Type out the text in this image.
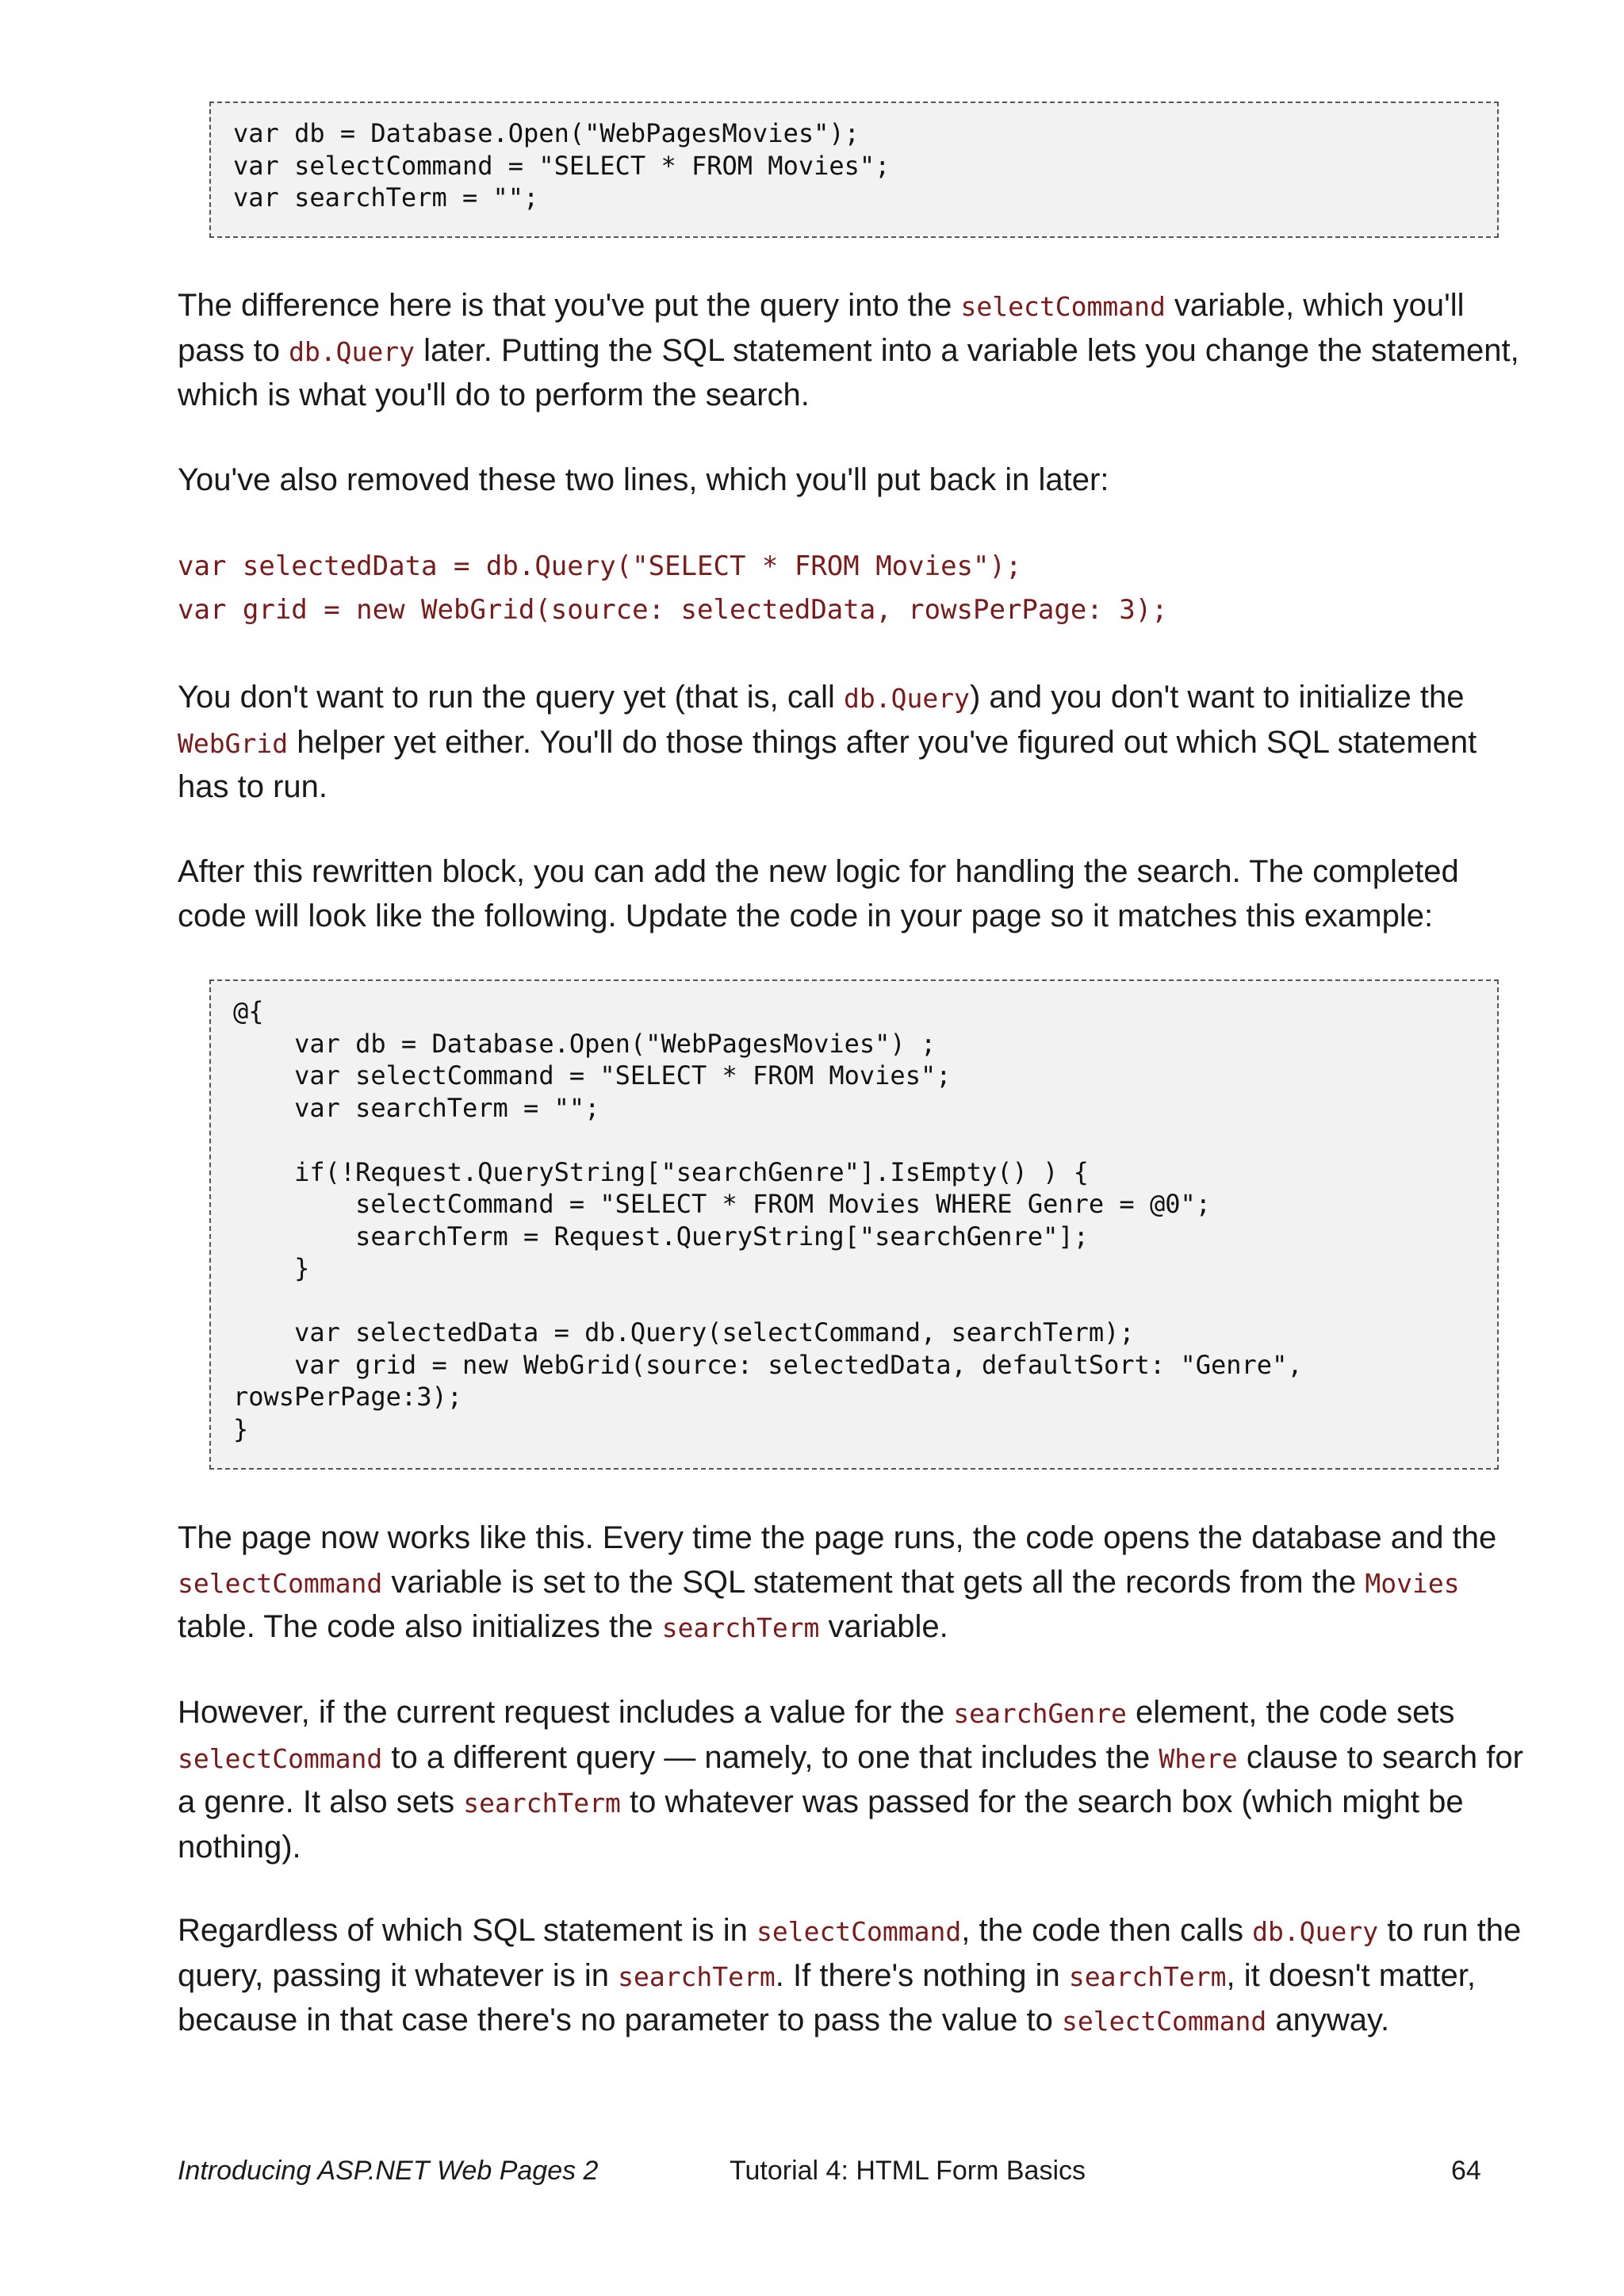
var db = Database.Open("WebPagesMovies");
var selectCommand = "SELECT * FROM Movies";
var searchTerm = "";

The difference here is that you've put the query into the selectCommand variable, which you'll pass to db.Query later. Putting the SQL statement into a variable lets you change the statement, which is what you'll do to perform the search.

You've also removed these two lines, which you'll put back in later:

var selectedData = db.Query("SELECT * FROM Movies");

var grid = new WebGrid(source: selectedData, rowsPerPage: 3);

You don't want to run the query yet (that is, call db.Query) and you don't want to initialize the WebGrid helper yet either. You'll do those things after you've figured out which SQL statement has to run.

After this rewritten block, you can add the new logic for handling the search. The completed code will look like the following. Update the code in your page so it matches this example:

@{
var db = Database.Open("WebPagesMovies") ;
var selectCommand = "SELECT * FROM Movies";
var searchTerm = "";

if(!Request.QueryString["searchGenre"].IsEmpty() ) {
selectCommand = "SELECT * FROM Movies WHERE Genre = @0";
searchTerm = Request.QueryString["searchGenre"];
}

var selectedData = db.Query(selectCommand, searchTerm);
var grid = new WebGrid(source: selectedData, defaultSort: "Genre",
rowsPerPage:3);
}

The page now works like this. Every time the page runs, the code opens the database and the selectCommand variable is set to the SQL statement that gets all the records from the Movies table. The code also initializes the searchTerm variable.

However, if the current request includes a value for the searchGenre element, the code sets selectCommand to a different query — namely, to one that includes the Where clause to search for a genre. It also sets searchTerm to whatever was passed for the search box (which might be nothing).

Regardless of which SQL statement is in selectCommand, the code then calls db.Query to run the query, passing it whatever is in searchTerm. If there's nothing in searchTerm, it doesn't matter, because in that case there's no parameter to pass the value to selectCommand anyway.

Introducing ASP.NET Web Pages 2	Tutorial 4: HTML Form Basics	64
